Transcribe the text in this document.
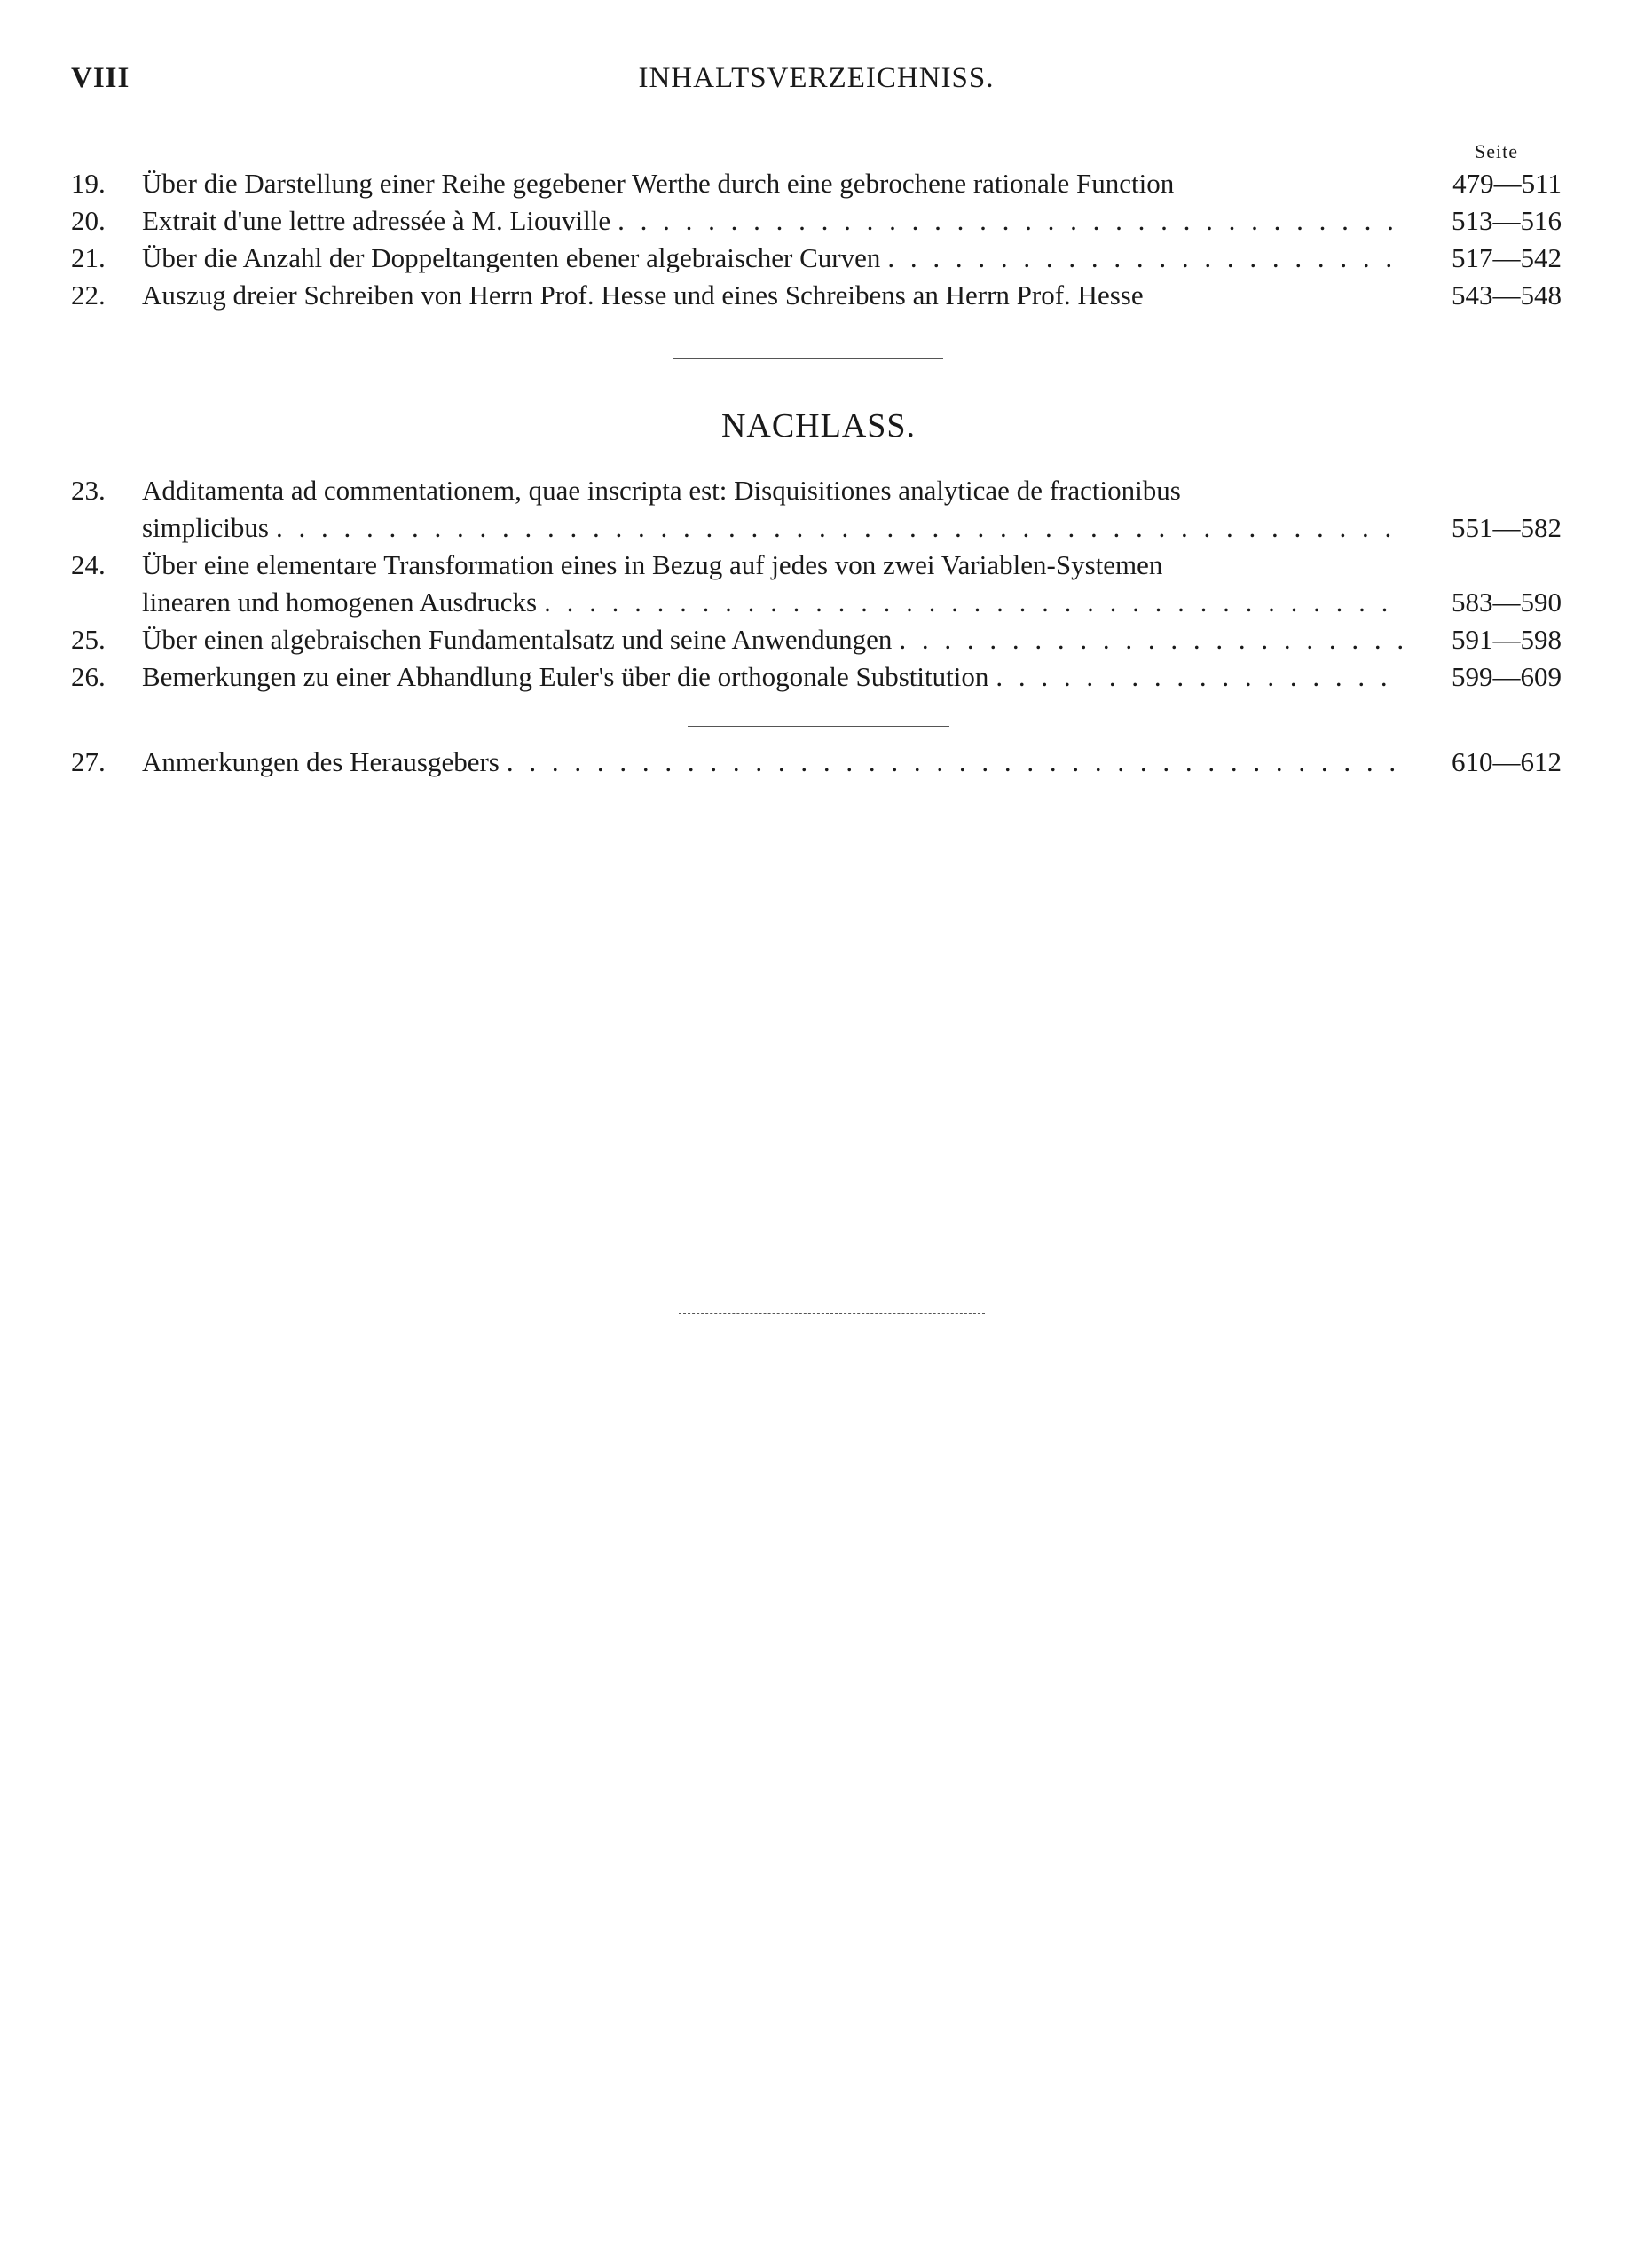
VIII	INHALTSVERZEICHNISS.
Seite
19.	Über die Darstellung einer Reihe gegebener Werthe durch eine gebrochene rationale Function	479—511
20.	Extrait d'une lettre adressée à M. Liouville . . .	513—516
21.	Über die Anzahl der Doppeltangenten ebener algebraischer Curven . . .	517—542
22.	Auszug dreier Schreiben von Herrn Prof. Hesse und eines Schreibens an Herrn Prof. Hesse	543—548
NACHLASS.
23.	Additamenta ad commentationem, quae inscripta est: Disquisitiones analyticae de fractionibus
simplicibus . . .	551—582
24.	Über eine elementare Transformation eines in Bezug auf jedes von zwei Variablen-Systemen
linearen und homogenen Ausdrucks . . .	583—590
25.	Über einen algebraischen Fundamentalsatz und seine Anwendungen . . .	591—598
26.	Bemerkungen zu einer Abhandlung Euler's über die orthogonale Substitution . . .	599—609
27.	Anmerkungen des Herausgebers . . .	610—612
